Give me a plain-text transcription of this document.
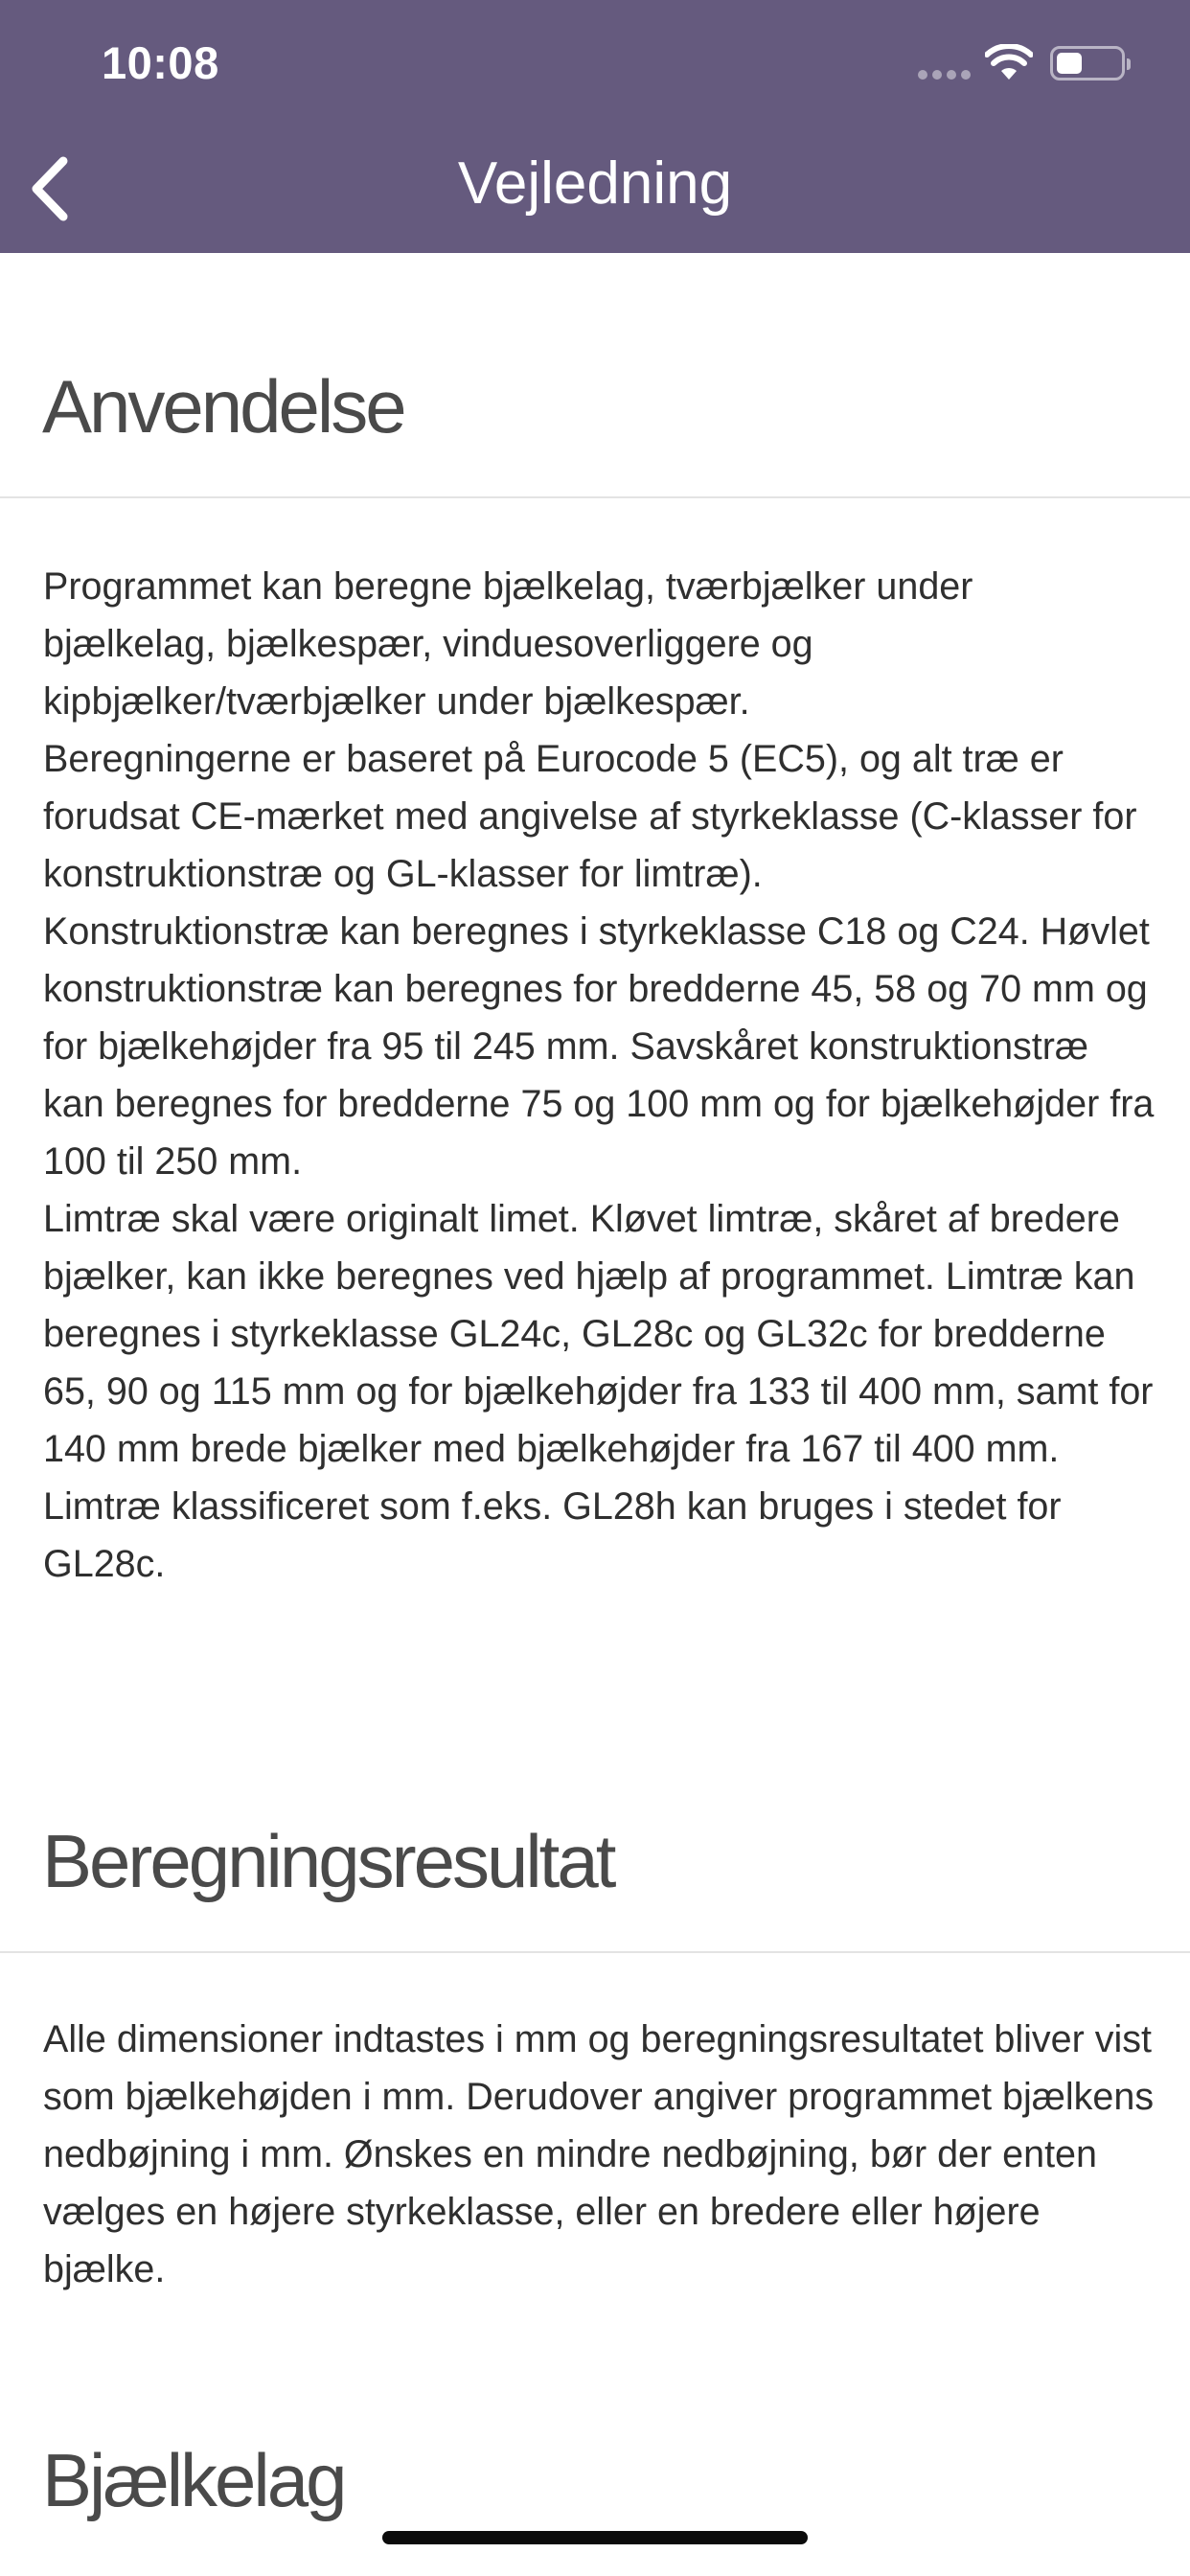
10:08
Vejledning
Anvendelse
Programmet kan beregne bjælkelag, tværbjælker under bjælkelag, bjælkespær, vinduesoverliggere og kipbjælker/tværbjælker under bjælkespær.
Beregningerne er baseret på Eurocode 5 (EC5), og alt træ er forudsat CE-mærket med angivelse af styrkeklasse (C-klasser for konstruktionstræ og GL-klasser for limtræ).
Konstruktionstræ kan beregnes i styrkeklasse C18 og C24. Høvlet konstruktionstræ kan beregnes for bredderne 45, 58 og 70 mm og for bjælkehøjder fra 95 til 245 mm. Savskåret konstruktionstræ kan beregnes for bredderne 75 og 100 mm og for bjælkehøjder fra 100 til 250 mm.
Limtræ skal være originalt limet. Kløvet limtræ, skåret af bredere bjælker, kan ikke beregnes ved hjælp af programmet. Limtræ kan beregnes i styrkeklasse GL24c, GL28c og GL32c for bredderne 65, 90 og 115 mm og for bjælkehøjder fra 133 til 400 mm, samt for 140 mm brede bjælker med bjælkehøjder fra 167 til 400 mm. Limtræ klassificeret som f.eks. GL28h kan bruges i stedet for GL28c.
Beregningsresultat
Alle dimensioner indtastes i mm og beregningsresultatet bliver vist som bjælkehøjden i mm. Derudover angiver programmet bjælkens nedbøjning i mm. Ønskes en mindre nedbøjning, bør der enten vælges en højere styrkeklasse, eller en bredere eller højere bjælke.
Bjælkelag
